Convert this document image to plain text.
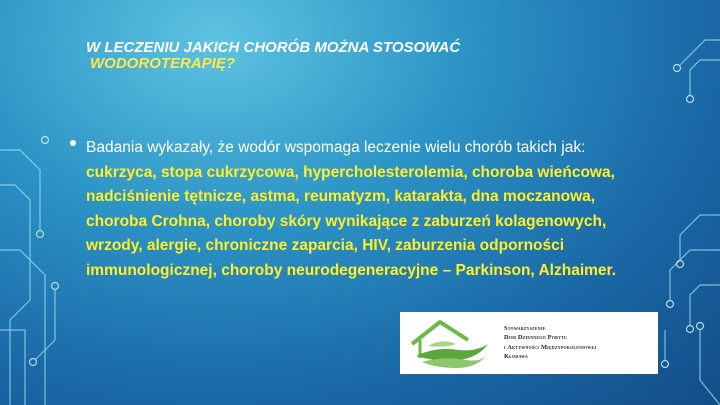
W LECZENIU JAKICH CHORÓB MOŻNA STOSOWAĆ
WODOROTERAPIĘ?
Badania wykazały, że wodór wspomaga leczenie wielu chorób takich jak: cukrzyca, stopa cukrzycowa, hypercholesterolemia, choroba wieńcowa, nadciśnienie tętnicze, astma, reumatyzm, katarakta, dna moczanowa, choroba Crohna, choroby skóry wynikające z zaburzeń kolagenowych, wrzody, alergie, chroniczne zaparcia, HIV, zaburzenia odporności immunologicznej, choroby neurodegeneracyjne – Parkinson, Alzhaimer.
Stowarzyszenie
Dom Dziennego Pobytu
i Aktywności Międzypokoleniowej
Kłodawa
